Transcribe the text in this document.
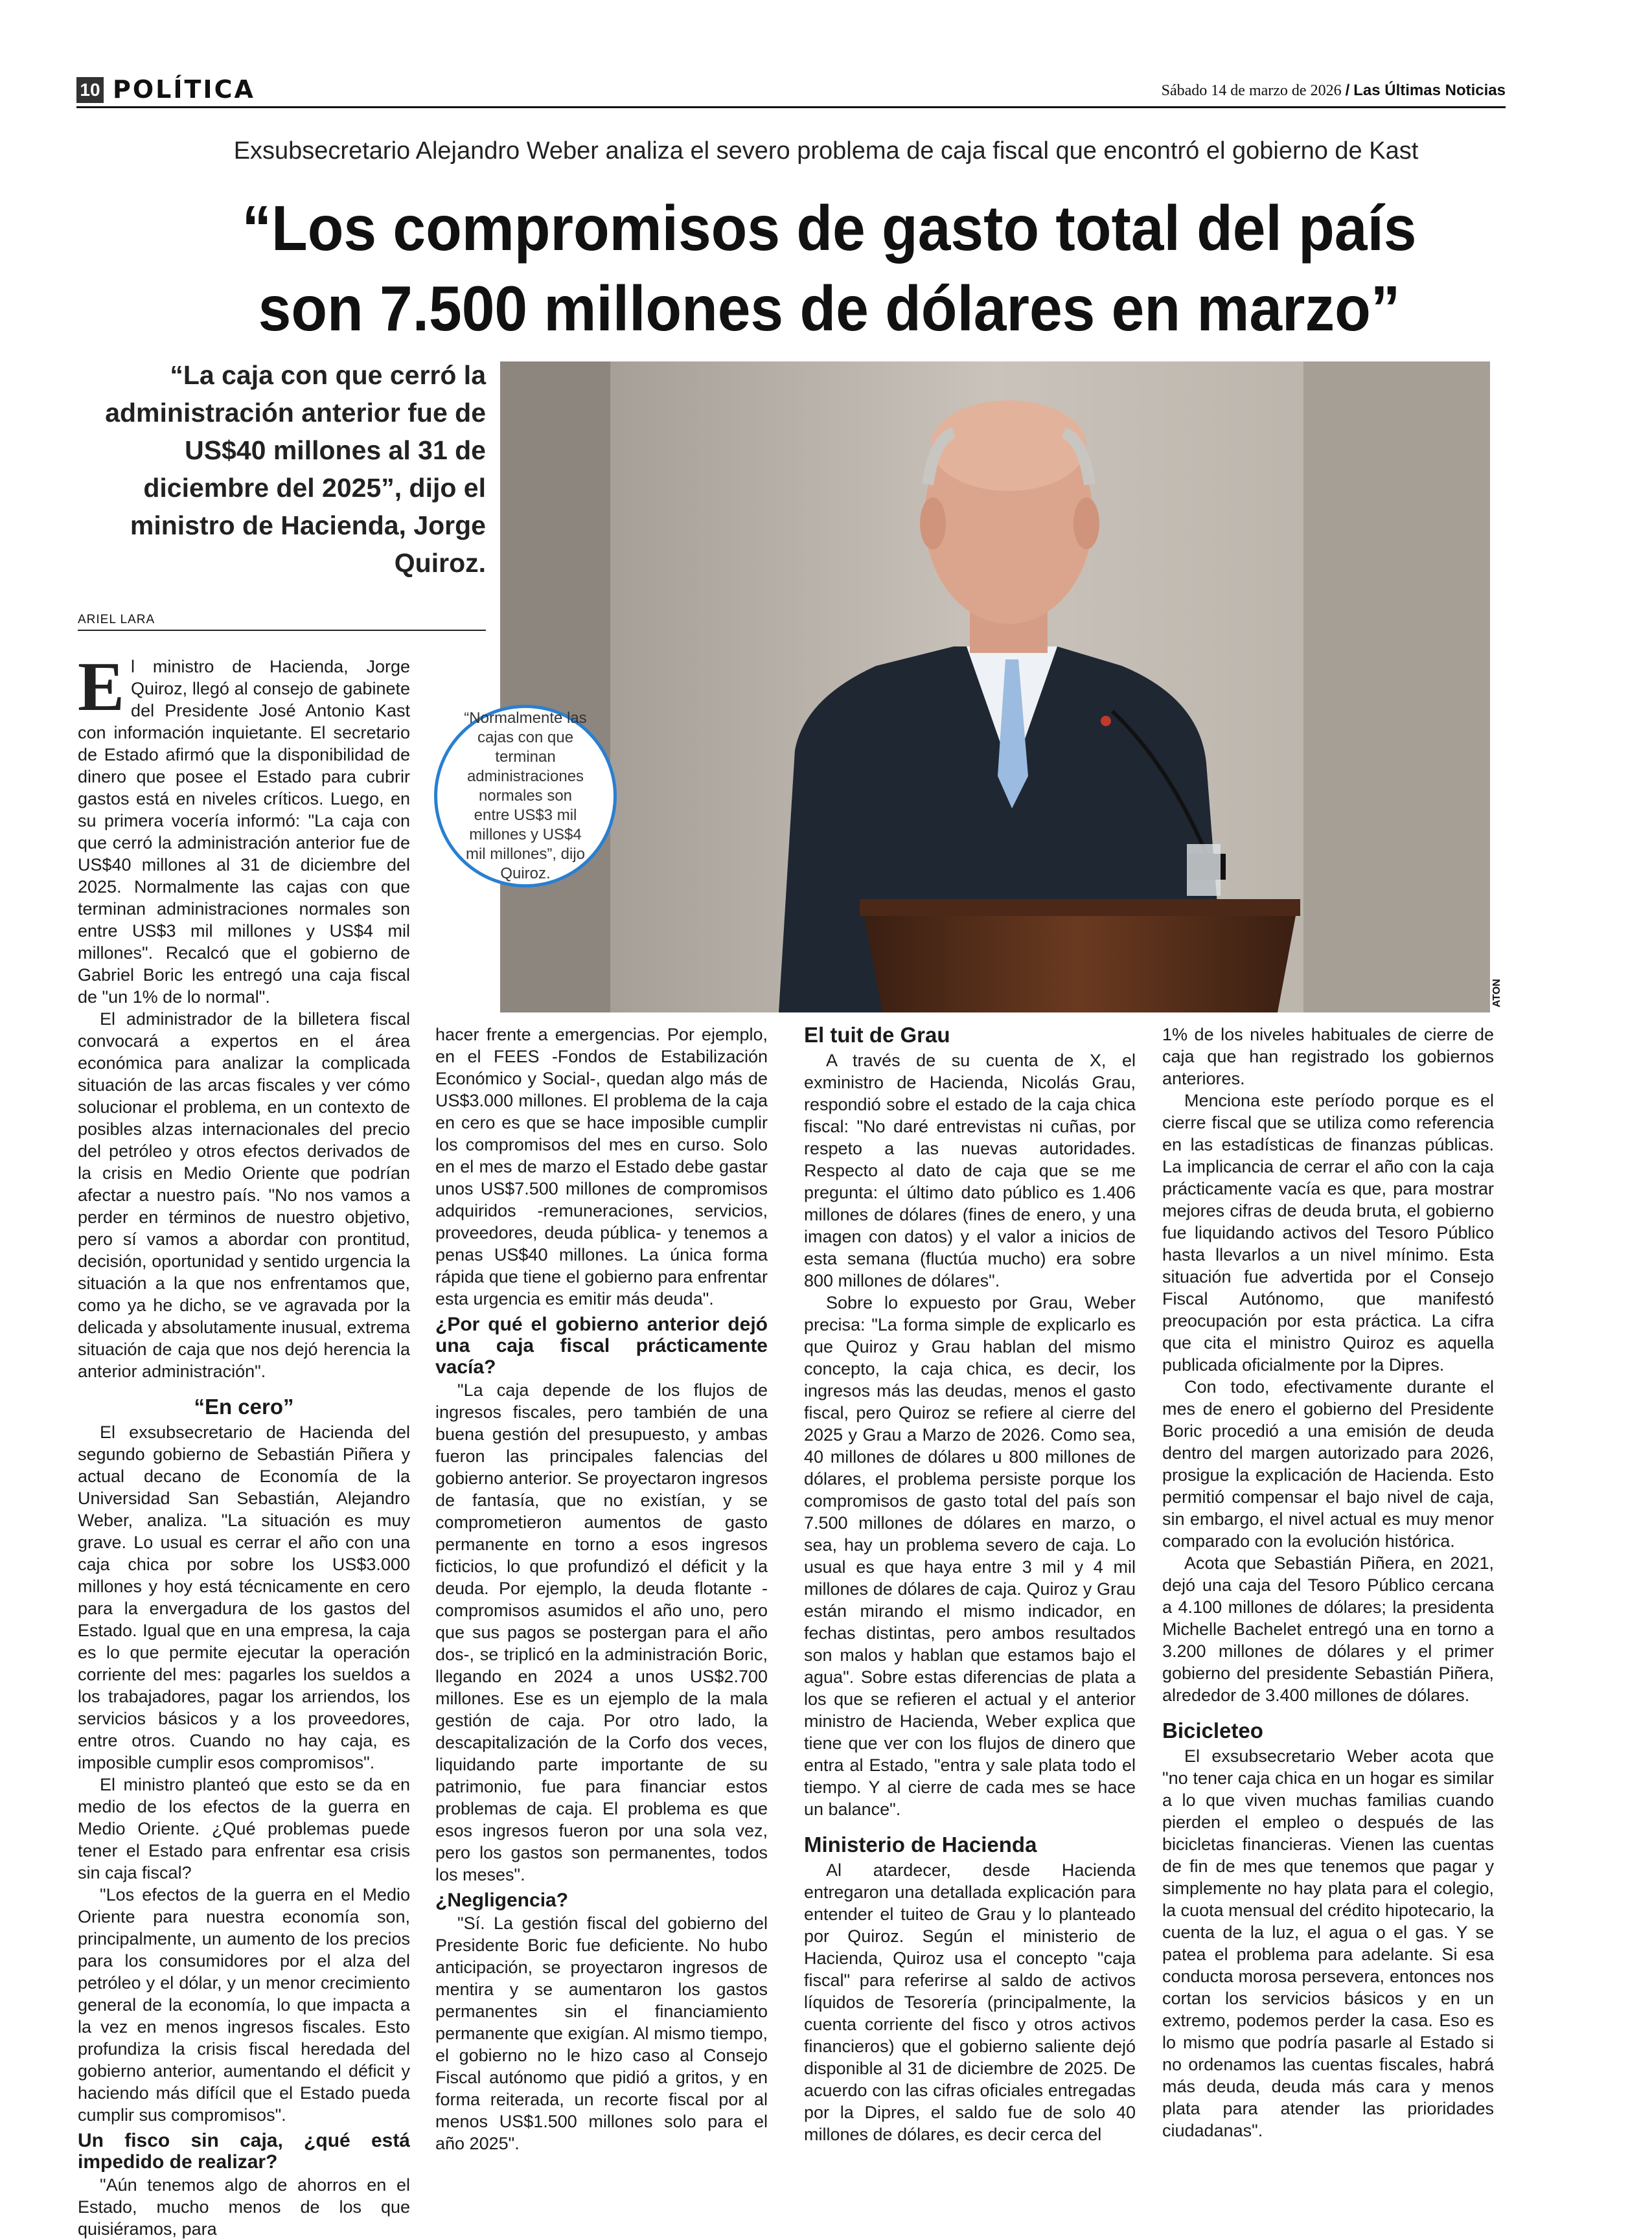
10 POLÍTICA	Sábado 14 de marzo de 2026 / Las Últimas Noticias
Exsubsecretario Alejandro Weber analiza el severo problema de caja fiscal que encontró el gobierno de Kast
“Los compromisos de gasto total del país
son 7.500 millones de dólares en marzo”
“La caja con que cerró la administración anterior fue de US$40 millones al 31 de diciembre del 2025”, dijo el ministro de Hacienda, Jorge Quiroz.
ARIEL LARA
ATON

“Normalmente las cajas con que terminan administraciones normales son entre US$3 mil millones y US$4 mil millones”, dijo Quiroz.

El ministro de Hacienda, Jorge Quiroz, llegó al consejo de gabinete del Presidente José Antonio Kast con información inquietante. El secretario de Estado afirmó que la disponibilidad de dinero que posee el Estado para cubrir gastos está en niveles críticos. Luego, en su primera vocería informó: "La caja con que cerró la administración anterior fue de US$40 millones al 31 de diciembre del 2025. Normalmente las cajas con que terminan administraciones normales son entre US$3 mil millones y US$4 mil millones". Recalcó que el gobierno de Gabriel Boric les entregó una caja fiscal de "un 1% de lo normal".

El administrador de la billetera fiscal convocará a expertos en el área económica para analizar la complicada situación de las arcas fiscales y ver cómo solucionar el problema, en un contexto de posibles alzas internacionales del precio del petróleo y otros efectos derivados de la crisis en Medio Oriente que podrían afectar a nuestro país. "No nos vamos a perder en términos de nuestro objetivo, pero sí vamos a abordar con prontitud, decisión, oportunidad y sentido urgencia la situación a la que nos enfrentamos que, como ya he dicho, se ve agravada por la delicada y absolutamente inusual, extrema situación de caja que nos dejó herencia la anterior administración".

“En cero”

El exsubsecretario de Hacienda del segundo gobierno de Sebastián Piñera y actual decano de Economía de la Universidad San Sebastián, Alejandro Weber, analiza. "La situación es muy grave. Lo usual es cerrar el año con una caja chica por sobre los US$3.000 millones y hoy está técnicamente en cero para la envergadura de los gastos del Estado. Igual que en una empresa, la caja es lo que permite ejecutar la operación corriente del mes: pagarles los sueldos a los trabajadores, pagar los arriendos, los servicios básicos y a los proveedores, entre otros. Cuando no hay caja, es imposible cumplir esos compromisos".

El ministro planteó que esto se da en medio de los efectos de la guerra en Medio Oriente. ¿Qué problemas puede tener el Estado para enfrentar esa crisis sin caja fiscal?

"Los efectos de la guerra en el Medio Oriente para nuestra economía son, principalmente, un aumento de los precios para los consumidores por el alza del petróleo y el dólar, y un menor crecimiento general de la economía, lo que impacta a la vez en menos ingresos fiscales. Esto profundiza la crisis fiscal heredada del gobierno anterior, aumentando el déficit y haciendo más difícil que el Estado pueda cumplir sus compromisos".

Un fisco sin caja, ¿qué está impedido de realizar?

"Aún tenemos algo de ahorros en el Estado, mucho menos de los que quisiéramos, para

hacer frente a emergencias. Por ejemplo, en el FEES -Fondos de Estabilización Económico y Social-, quedan algo más de US$3.000 millones. El problema de la caja en cero es que se hace imposible cumplir los compromisos del mes en curso. Solo en el mes de marzo el Estado debe gastar unos US$7.500 millones de compromisos adquiridos -remuneraciones, servicios, proveedores, deuda pública- y tenemos a penas US$40 millones. La única forma rápida que tiene el gobierno para enfrentar esta urgencia es emitir más deuda".

¿Por qué el gobierno anterior dejó una caja fiscal prácticamente vacía?

"La caja depende de los flujos de ingresos fiscales, pero también de una buena gestión del presupuesto, y ambas fueron las principales falencias del gobierno anterior. Se proyectaron ingresos de fantasía, que no existían, y se comprometieron aumentos de gasto permanente en torno a esos ingresos ficticios, lo que profundizó el déficit y la deuda. Por ejemplo, la deuda flotante -compromisos asumidos el año uno, pero que sus pagos se postergan para el año dos-, se triplicó en la administración Boric, llegando en 2024 a unos US$2.700 millones. Ese es un ejemplo de la mala gestión de caja. Por otro lado, la descapitalización de la Corfo dos veces, liquidando parte importante de su patrimonio, fue para financiar estos problemas de caja. El problema es que esos ingresos fueron por una sola vez, pero los gastos son permanentes, todos los meses".

¿Negligencia?

"Sí. La gestión fiscal del gobierno del Presidente Boric fue deficiente. No hubo anticipación, se proyectaron ingresos de mentira y se aumentaron los gastos permanentes sin el financiamiento permanente que exigían. Al mismo tiempo, el gobierno no le hizo caso al Consejo Fiscal autónomo que pidió a gritos, y en forma reiterada, un recorte fiscal por al menos US$1.500 millones solo para el año 2025".

El tuit de Grau

A través de su cuenta de X, el exministro de Hacienda, Nicolás Grau, respondió sobre el estado de la caja chica fiscal: "No daré entrevistas ni cuñas, por respeto a las nuevas autoridades. Respecto al dato de caja que se me pregunta: el último dato público es 1.406 millones de dólares (fines de enero, y una imagen con datos) y el valor a inicios de esta semana (fluctúa mucho) era sobre 800 millones de dólares".

Sobre lo expuesto por Grau, Weber precisa: "La forma simple de explicarlo es que Quiroz y Grau hablan del mismo concepto, la caja chica, es decir, los ingresos más las deudas, menos el gasto fiscal, pero Quiroz se refiere al cierre del 2025 y Grau a Marzo de 2026. Como sea, 40 millones de dólares u 800 millones de dólares, el problema persiste porque los compromisos de gasto total del país son 7.500 millones de dólares en marzo, o sea, hay un problema severo de caja. Lo usual es que haya entre 3 mil y 4 mil millones de dólares de caja. Quiroz y Grau están mirando el mismo indicador, en fechas distintas, pero ambos resultados son malos y hablan que estamos bajo el agua". Sobre estas diferencias de plata a los que se refieren el actual y el anterior ministro de Hacienda, Weber explica que tiene que ver con los flujos de dinero que entra al Estado, "entra y sale plata todo el tiempo. Y al cierre de cada mes se hace un balance".

Ministerio de Hacienda

Al atardecer, desde Hacienda entregaron una detallada explicación para entender el tuiteo de Grau y lo planteado por Quiroz. Según el ministerio de Hacienda, Quiroz usa el concepto "caja fiscal" para referirse al saldo de activos líquidos de Tesorería (principalmente, la cuenta corriente del fisco y otros activos financieros) que el gobierno saliente dejó disponible al 31 de diciembre de 2025. De acuerdo con las cifras oficiales entregadas por la Dipres, el saldo fue de solo 40 millones de dólares, es decir cerca del

1% de los niveles habituales de cierre de caja que han registrado los gobiernos anteriores.

Menciona este período porque es el cierre fiscal que se utiliza como referencia en las estadísticas de finanzas públicas. La implicancia de cerrar el año con la caja prácticamente vacía es que, para mostrar mejores cifras de deuda bruta, el gobierno fue liquidando activos del Tesoro Público hasta llevarlos a un nivel mínimo. Esta situación fue advertida por el Consejo Fiscal Autónomo, que manifestó preocupación por esta práctica. La cifra que cita el ministro Quiroz es aquella publicada oficialmente por la Dipres.

Con todo, efectivamente durante el mes de enero el gobierno del Presidente Boric procedió a una emisión de deuda dentro del margen autorizado para 2026, prosigue la explicación de Hacienda. Esto permitió compensar el bajo nivel de caja, sin embargo, el nivel actual es muy menor comparado con la evolución histórica.

Acota que Sebastián Piñera, en 2021, dejó una caja del Tesoro Público cercana a 4.100 millones de dólares; la presidenta Michelle Bachelet entregó una en torno a 3.200 millones de dólares y el primer gobierno del presidente Sebastián Piñera, alrededor de 3.400 millones de dólares.

Bicicleteo

El exsubsecretario Weber acota que "no tener caja chica en un hogar es similar a lo que viven muchas familias cuando pierden el empleo o después de las bicicletas financieras. Vienen las cuentas de fin de mes que tenemos que pagar y simplemente no hay plata para el colegio, la cuota mensual del crédito hipotecario, la cuenta de la luz, el agua o el gas. Y se patea el problema para adelante. Si esa conducta morosa persevera, entonces nos cortan los servicios básicos y en un extremo, podemos perder la casa. Eso es lo mismo que podría pasarle al Estado si no ordenamos las cuentas fiscales, habrá más deuda, deuda más cara y menos plata para atender las prioridades ciudadanas".
